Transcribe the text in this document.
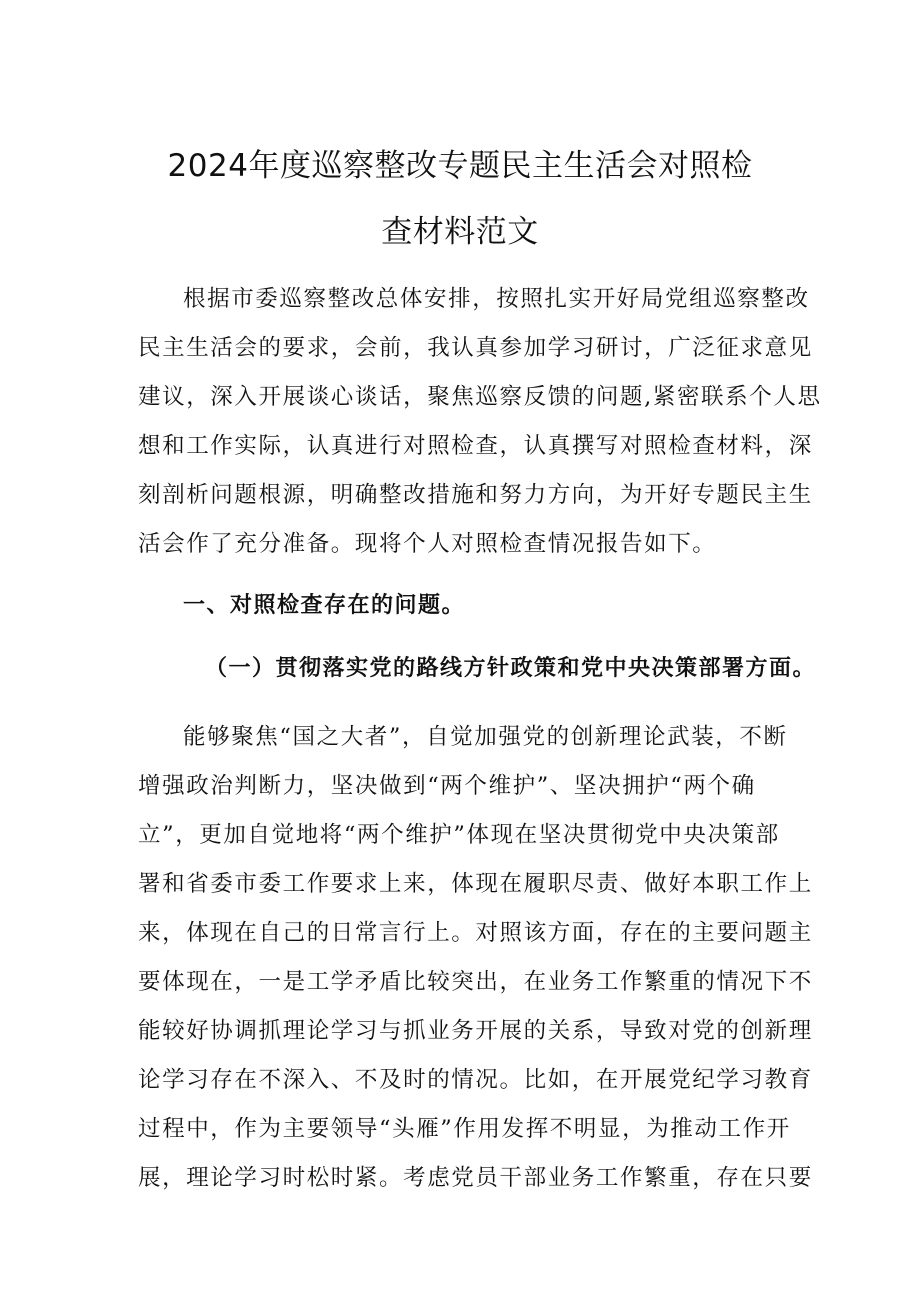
2024年度巡察整改专题民主生活会对照检
查材料范文
根据市委巡察整改总体安排，按照扎实开好局党组巡察整改
民主生活会的要求，会前，我认真参加学习研讨，广泛征求意见
建议，深入开展谈心谈话，聚焦巡察反馈的问题,紧密联系个人思
想和工作实际，认真进行对照检查，认真撰写对照检查材料，深
刻剖析问题根源，明确整改措施和努力方向，为开好专题民主生
活会作了充分准备。现将个人对照检查情况报告如下。
一、对照检查存在的问题。
（一）贯彻落实党的路线方针政策和党中央决策部署方面。
能够聚焦“国之大者”，自觉加强党的创新理论武装，不断
增强政治判断力，坚决做到“两个维护”、坚决拥护“两个确
立”，更加自觉地将“两个维护”体现在坚决贯彻党中央决策部
署和省委市委工作要求上来，体现在履职尽责、做好本职工作上
来，体现在自己的日常言行上。对照该方面，存在的主要问题主
要体现在，一是工学矛盾比较突出，在业务工作繁重的情况下不
能较好协调抓理论学习与抓业务开展的关系，导致对党的创新理
论学习存在不深入、不及时的情况。比如，在开展党纪学习教育
过程中，作为主要领导“头雁”作用发挥不明显，为推动工作开
展，理论学习时松时紧。考虑党员干部业务工作繁重，存在只要
